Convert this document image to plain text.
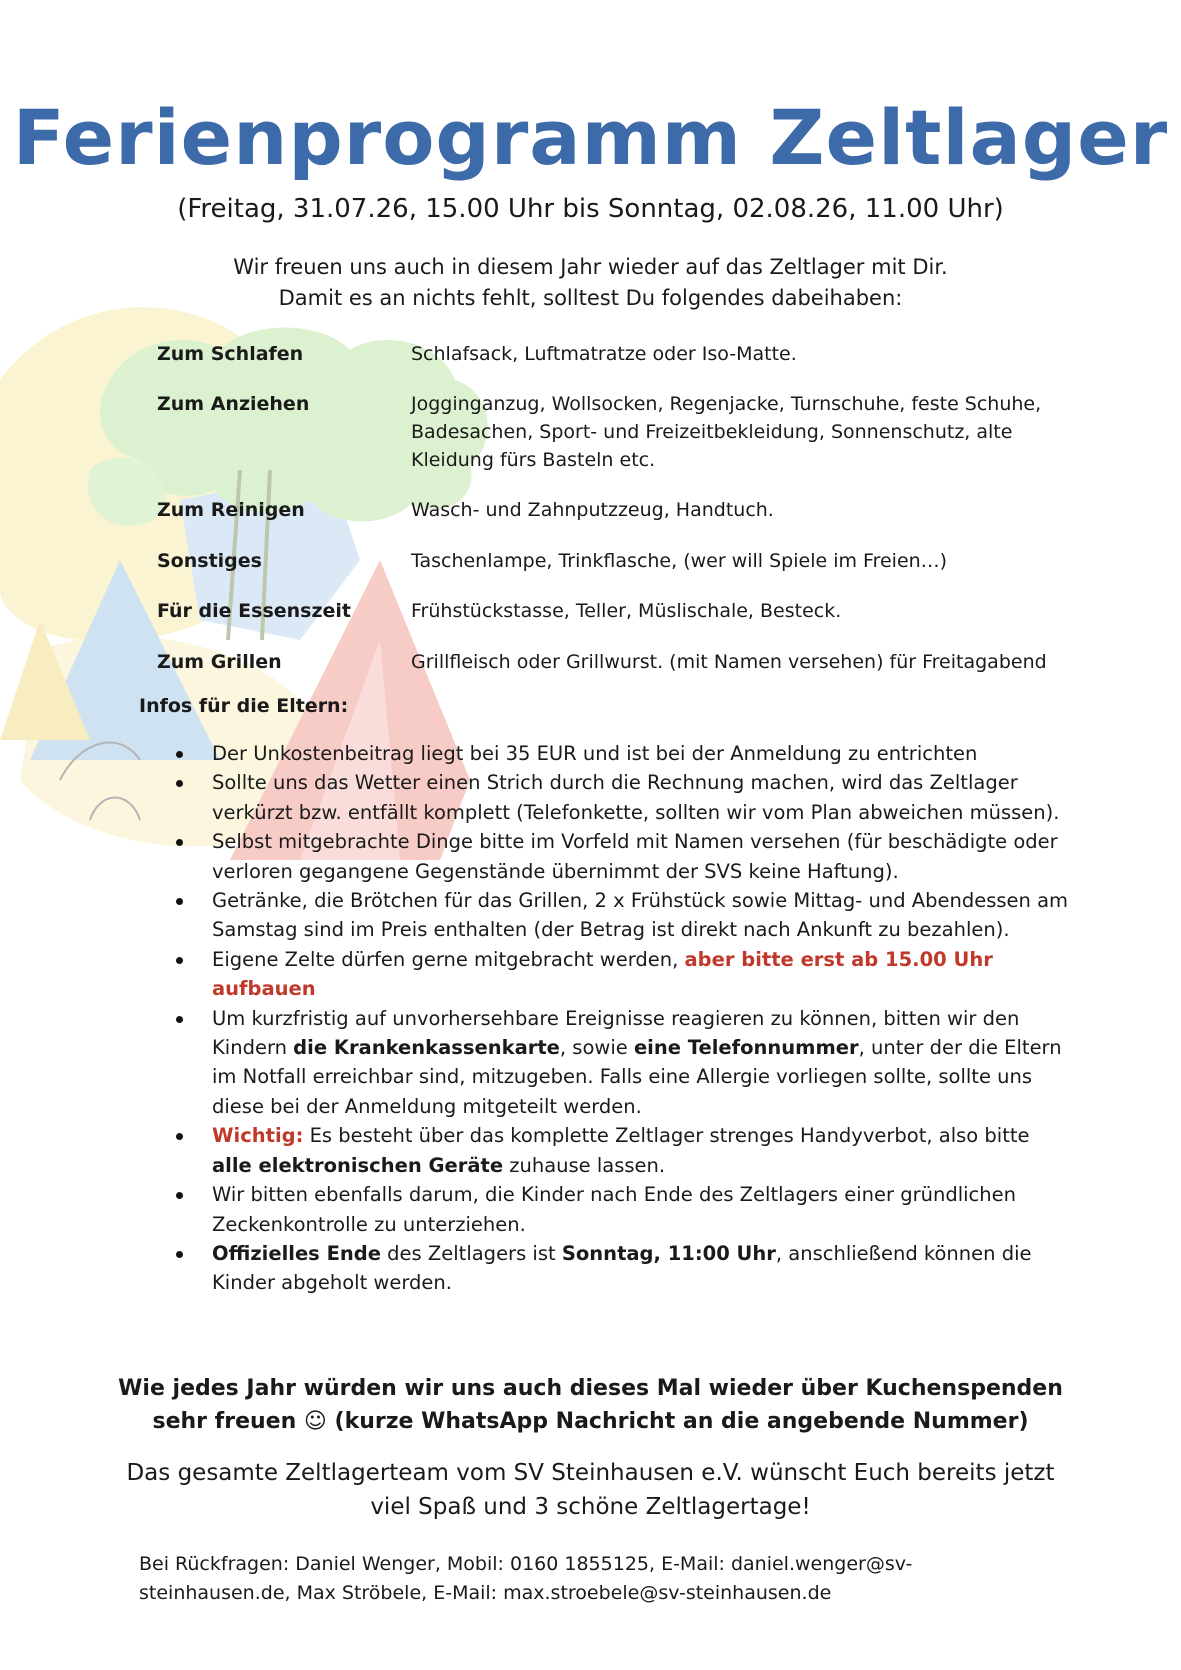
Ferienprogramm Zeltlager
(Freitag, 31.07.26, 15.00 Uhr bis Sonntag, 02.08.26, 11.00 Uhr)
Wir freuen uns auch in diesem Jahr wieder auf das Zeltlager mit Dir.
Damit es an nichts fehlt, solltest Du folgendes dabeihaben:
Zum Schlafen	Schlafsack, Luftmatratze oder Iso-Matte.
Zum Anziehen	Jogginganzug, Wollsocken, Regenjacke, Turnschuhe, feste Schuhe, Badesachen, Sport- und Freizeitbekleidung, Sonnenschutz, alte Kleidung fürs Basteln etc.
Zum Reinigen	Wasch- und Zahnputzzeug, Handtuch.
Sonstiges	Taschenlampe, Trinkflasche, (wer will Spiele im Freien…)
Für die Essenszeit	Frühstückstasse, Teller, Müslischale, Besteck.
Zum Grillen	Grillfleisch oder Grillwurst. (mit Namen versehen) für Freitagabend
Infos für die Eltern:
Der Unkostenbeitrag liegt bei 35 EUR und ist bei der Anmeldung zu entrichten
Sollte uns das Wetter einen Strich durch die Rechnung machen, wird das Zeltlager verkürzt bzw. entfällt komplett (Telefonkette, sollten wir vom Plan abweichen müssen).
Selbst mitgebrachte Dinge bitte im Vorfeld mit Namen versehen (für beschädigte oder verloren gegangene Gegenstände übernimmt der SVS keine Haftung).
Getränke, die Brötchen für das Grillen, 2 x Frühstück sowie Mittag- und Abendessen am Samstag sind im Preis enthalten (der Betrag ist direkt nach Ankunft zu bezahlen).
Eigene Zelte dürfen gerne mitgebracht werden, aber bitte erst ab 15.00 Uhr aufbauen
Um kurzfristig auf unvorhersehbare Ereignisse reagieren zu können, bitten wir den Kindern die Krankenkassenkarte, sowie eine Telefonnummer, unter der die Eltern im Notfall erreichbar sind, mitzugeben. Falls eine Allergie vorliegen sollte, sollte uns diese bei der Anmeldung mitgeteilt werden.
Wichtig: Es besteht über das komplette Zeltlager strenges Handyverbot, also bitte alle elektronischen Geräte zuhause lassen.
Wir bitten ebenfalls darum, die Kinder nach Ende des Zeltlagers einer gründlichen Zeckenkontrolle zu unterziehen.
Offizielles Ende des Zeltlagers ist Sonntag, 11:00 Uhr, anschließend können die Kinder abgeholt werden.
Wie jedes Jahr würden wir uns auch dieses Mal wieder über Kuchenspenden
sehr freuen ☺ (kurze WhatsApp Nachricht an die angebende Nummer)
Das gesamte Zeltlagerteam vom SV Steinhausen e.V. wünscht Euch bereits jetzt
viel Spaß und 3 schöne Zeltlagertage!
Bei Rückfragen: Daniel Wenger, Mobil: 0160 1855125, E-Mail: daniel.wenger@sv-
steinhausen.de, Max Ströbele, E-Mail: max.stroebele@sv-steinhausen.de
